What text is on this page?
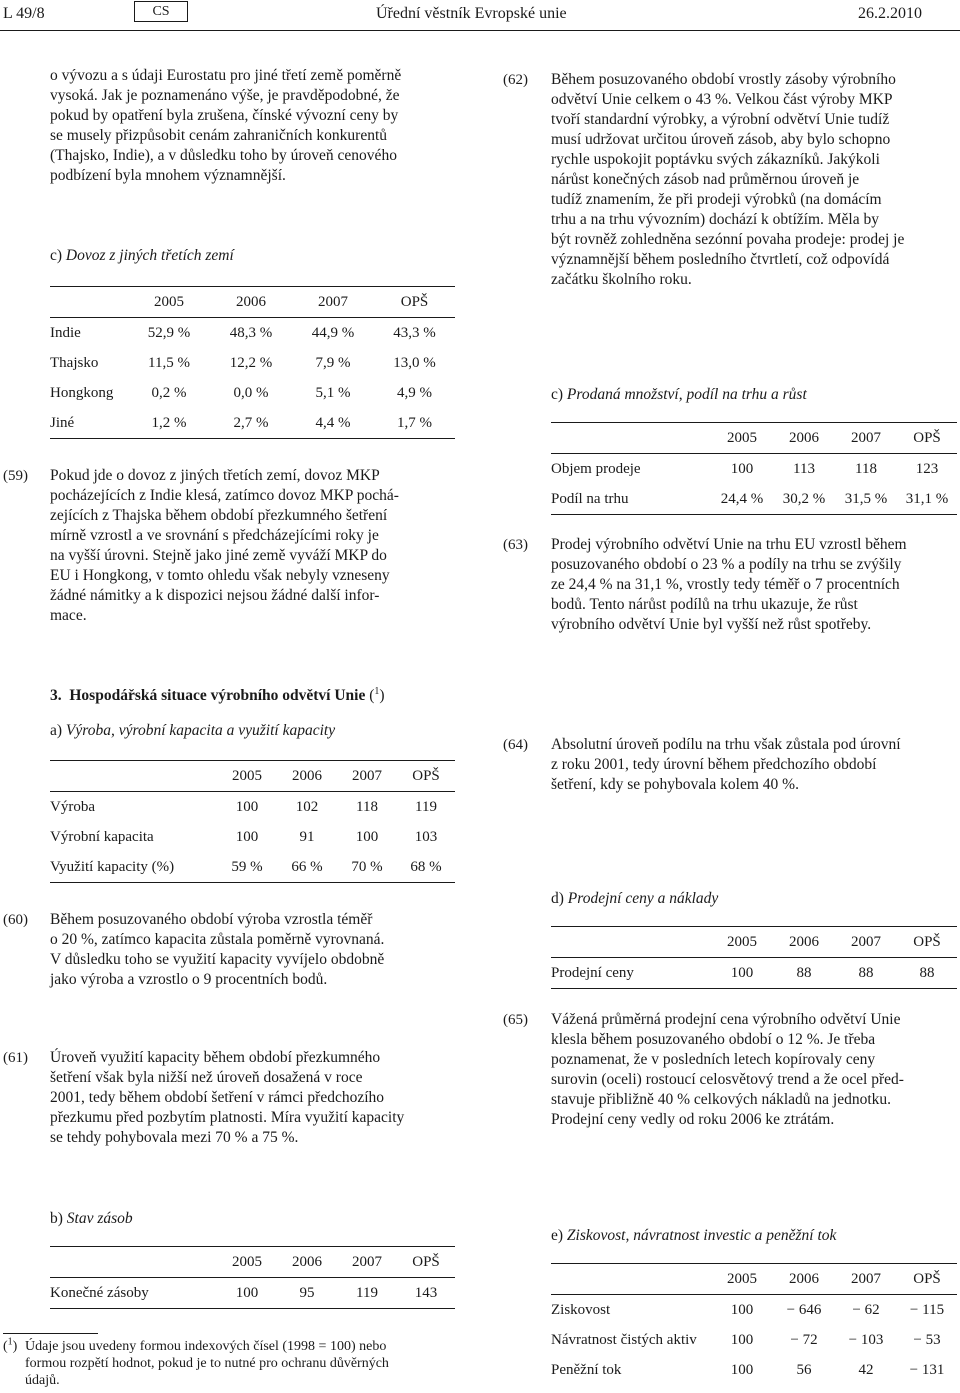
L 49/8	CS	Úřední věstník Evropské unie	26.2.2010
o vývozu a s údaji Eurostatu pro jiné třetí země poměrně
vysoká. Jak je poznamenáno výše, je pravděpodobné, že
pokud by opatření byla zrušena, čínské vývozní ceny by
se musely přizpůsobit cenám zahraničních konkurentů
(Thajsko, Indie), a v důsledku toho by úroveň cenového
podbízení byla mnohem významnější.
c) Dovoz z jiných třetích zemí
	2005	2006	2007	OPŠ
Indie	52,9 %	48,3 %	44,9 %	43,3 %
Thajsko	11,5 %	12,2 %	7,9 %	13,0 %
Hongkong	0,2 %	0,0 %	5,1 %	4,9 %
Jiné	1,2 %	2,7 %	4,4 %	1,7 %
(59) Pokud jde o dovoz z jiných třetích zemí, dovoz MKP
pocházejících z Indie klesá, zatímco dovoz MKP pochá-
zejících z Thajska během období přezkumného šetření
mírně vzrostl a ve srovnání s předcházejícími roky je
na vyšší úrovni. Stejně jako jiné země vyváží MKP do
EU i Hongkong, v tomto ohledu však nebyly vzneseny
žádné námitky a k dispozici nejsou žádné další infor-
mace.
3. Hospodářská situace výrobního odvětví Unie ($^1$)
a) Výroba, výrobní kapacita a využití kapacity
	2005	2006	2007	OPŠ
Výroba	100	102	118	119
Výrobní kapacita	100	91	100	103
Využití kapacity (%)	59 %	66 %	70 %	68 %
(60) Během posuzovaného období výroba vzrostla téměř
o 20 %, zatímco kapacita zůstala poměrně vyrovnaná.
V důsledku toho se využití kapacity vyvíjelo obdobně
jako výroba a vzrostlo o 9 procentních bodů.
(61) Úroveň využití kapacity během období přezkumného
šetření však byla nižší než úroveň dosažená v roce
2001, tedy během období šetření v rámci předchozího
přezkumu před pozbytím platnosti. Míra využití kapacity
se tehdy pohybovala mezi 70 % a 75 %.
b) Stav zásob
	2005	2006	2007	OPŠ
Konečné zásoby	100	95	119	143
($^1$) Údaje jsou uvedeny formou indexových čísel (1998 = 100) nebo
formou rozpětí hodnot, pokud je to nutné pro ochranu důvěrných
údajů.
(62) Během posuzovaného období vrostly zásoby výrobního
odvětví Unie celkem o 43 %. Velkou část výroby MKP
tvoří standardní výrobky, a výrobní odvětví Unie tudíž
musí udržovat určitou úroveň zásob, aby bylo schopno
rychle uspokojit poptávku svých zákazníků. Jakýkoli
nárůst konečných zásob nad průměrnou úroveň je
tudíž znamením, že při prodeji výrobků (na domácím
trhu a na trhu vývozním) dochází k obtížím. Měla by
být rovněž zohledněna sezónní povaha prodeje: prodej je
významnější během posledního čtvrtletí, což odpovídá
začátku školního roku.
c) Prodaná množství, podíl na trhu a růst
	2005	2006	2007	OPŠ
Objem prodeje	100	113	118	123
Podíl na trhu	24,4 %	30,2 %	31,5 %	31,1 %
(63) Prodej výrobního odvětví Unie na trhu EU vzrostl během
posuzovaného období o 23 % a podíly na trhu se zvýšily
ze 24,4 % na 31,1 %, vrostly tedy téměř o 7 procentních
bodů. Tento nárůst podílů na trhu ukazuje, že růst
výrobního odvětví Unie byl vyšší než růst spotřeby.
(64) Absolutní úroveň podílu na trhu však zůstala pod úrovní
z roku 2001, tedy úrovní během předchozího období
šetření, kdy se pohybovala kolem 40 %.
d) Prodejní ceny a náklady
	2005	2006	2007	OPŠ
Prodejní ceny	100	88	88	88
(65) Vážená průměrná prodejní cena výrobního odvětví Unie
klesla během posuzovaného období o 12 %. Je třeba
poznamenat, že v posledních letech kopírovaly ceny
surovin (oceli) rostoucí celosvětový trend a že ocel před-
stavuje přibližně 40 % celkových nákladů na jednotku.
Prodejní ceny vedly od roku 2006 ke ztrátám.
e) Ziskovost, návratnost investic a peněžní tok
	2005	2006	2007	OPŠ
Ziskovost	100	− 646	− 62	− 115
Návratnost čistých aktiv	100	− 72	− 103	− 53
Peněžní tok	100	56	42	− 131
